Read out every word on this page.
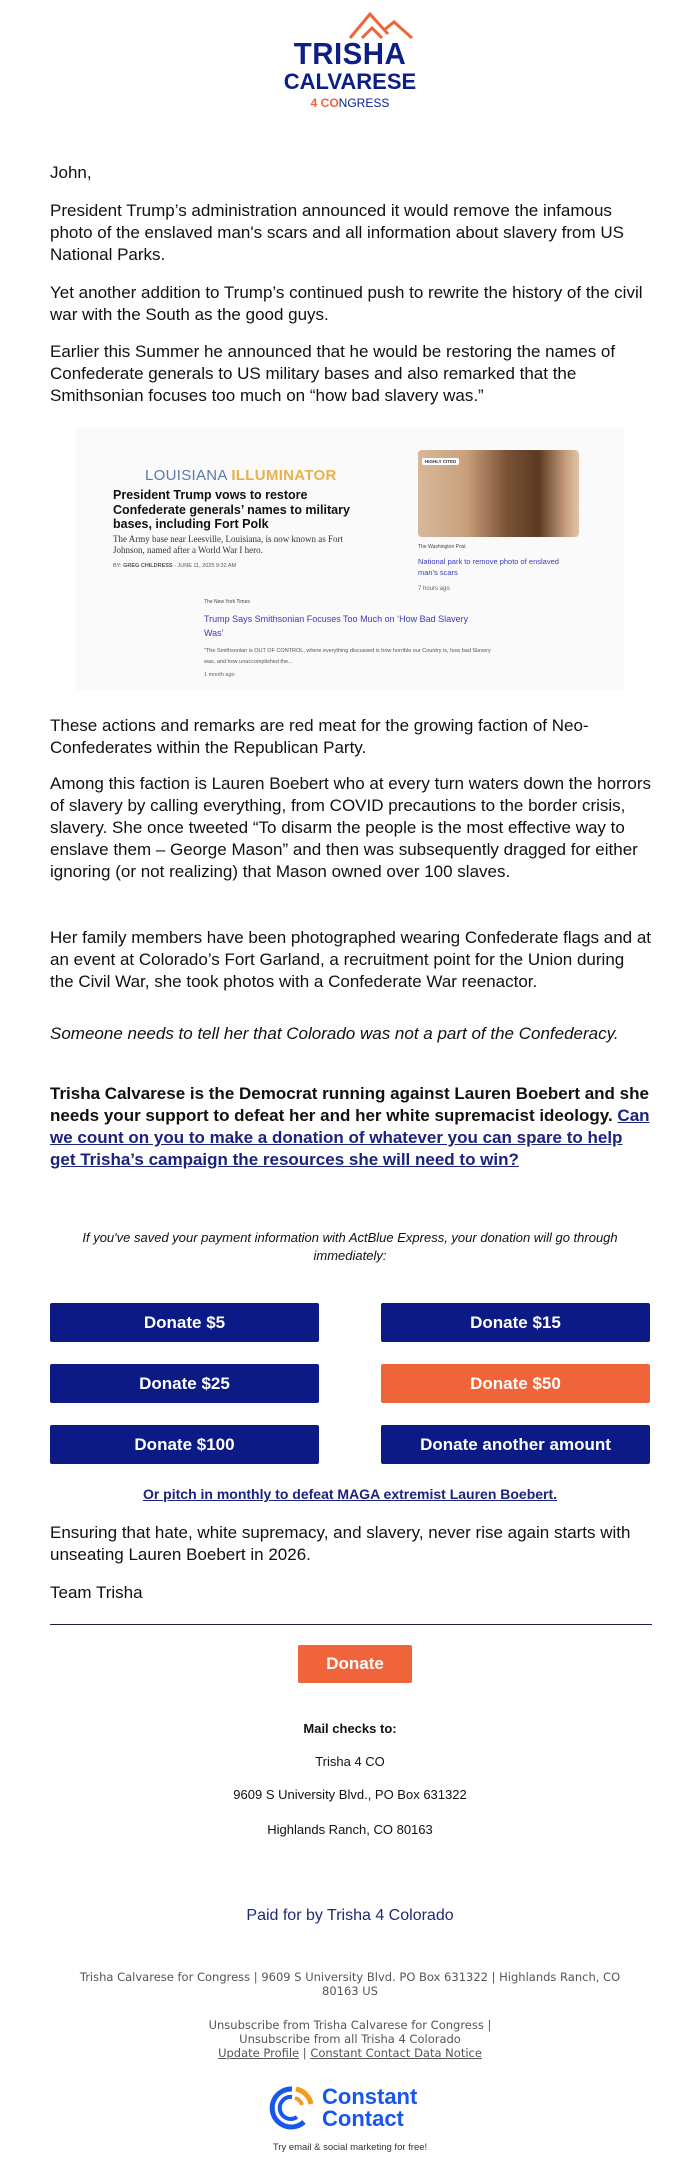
TRISHA
CALVARESE
4 CONGRESS

John,

President Trump’s administration announced it would remove the infamous photo of the enslaved man's scars and all information about slavery from US National Parks.

Yet another addition to Trump’s continued push to rewrite the history of the civil war with the South as the good guys.

Earlier this Summer he announced that he would be restoring the names of Confederate generals to US military bases and also remarked that the Smithsonian focuses too much on “how bad slavery was.”

LOUISIANA ILLUMINATOR
President Trump vows to restore Confederate generals’ names to military bases, including Fort Polk
The Army base near Leesville, Louisiana, is now known as Fort Johnson, named after a World War I hero.
BY: GREG CHILDRESS - JUNE 11, 2025 9:32 AM
HIGHLY CITED
The Washington Post
National park to remove photo of enslaved man's scars
7 hours ago
The New York Times
Trump Says Smithsonian Focuses Too Much on ‘How Bad Slavery Was’
"The Smithsonian is OUT OF CONTROL, where everything discussed is how horrible our Country is, how bad Slavery was, and how unaccomplished the...
1 month ago

These actions and remarks are red meat for the growing faction of Neo-Confederates within the Republican Party.

Among this faction is Lauren Boebert who at every turn waters down the horrors of slavery by calling everything, from COVID precautions to the border crisis, slavery. She once tweeted “To disarm the people is the most effective way to enslave them – George Mason” and then was subsequently dragged for either ignoring (or not realizing) that Mason owned over 100 slaves.

Her family members have been photographed wearing Confederate flags and at an event at Colorado’s Fort Garland, a recruitment point for the Union during the Civil War, she took photos with a Confederate War reenactor.

Someone needs to tell her that Colorado was not a part of the Confederacy.

Trisha Calvarese is the Democrat running against Lauren Boebert and she needs your support to defeat her and her white supremacist ideology. Can we count on you to make a donation of whatever you can spare to help get Trisha’s campaign the resources she will need to win?

If you've saved your payment information with ActBlue Express, your donation will go through immediately:
Donate $5	Donate $15
Donate $25	Donate $50
Donate $100	Donate another amount
Or pitch in monthly to defeat MAGA extremist Lauren Boebert.

Ensuring that hate, white supremacy, and slavery, never rise again starts with unseating Lauren Boebert in 2026.

Team Trisha

Donate
Mail checks to:
Trisha 4 CO
9609 S University Blvd., PO Box 631322
Highlands Ranch, CO 80163
Paid for by Trisha 4 Colorado
Trisha Calvarese for Congress | 9609 S University Blvd. PO Box 631322 | Highlands Ranch, CO 80163 US
Unsubscribe from Trisha Calvarese for Congress |
Unsubscribe from all Trisha 4 Colorado
Update Profile | Constant Contact Data Notice
Constant
Contact
Try email & social marketing for free!
